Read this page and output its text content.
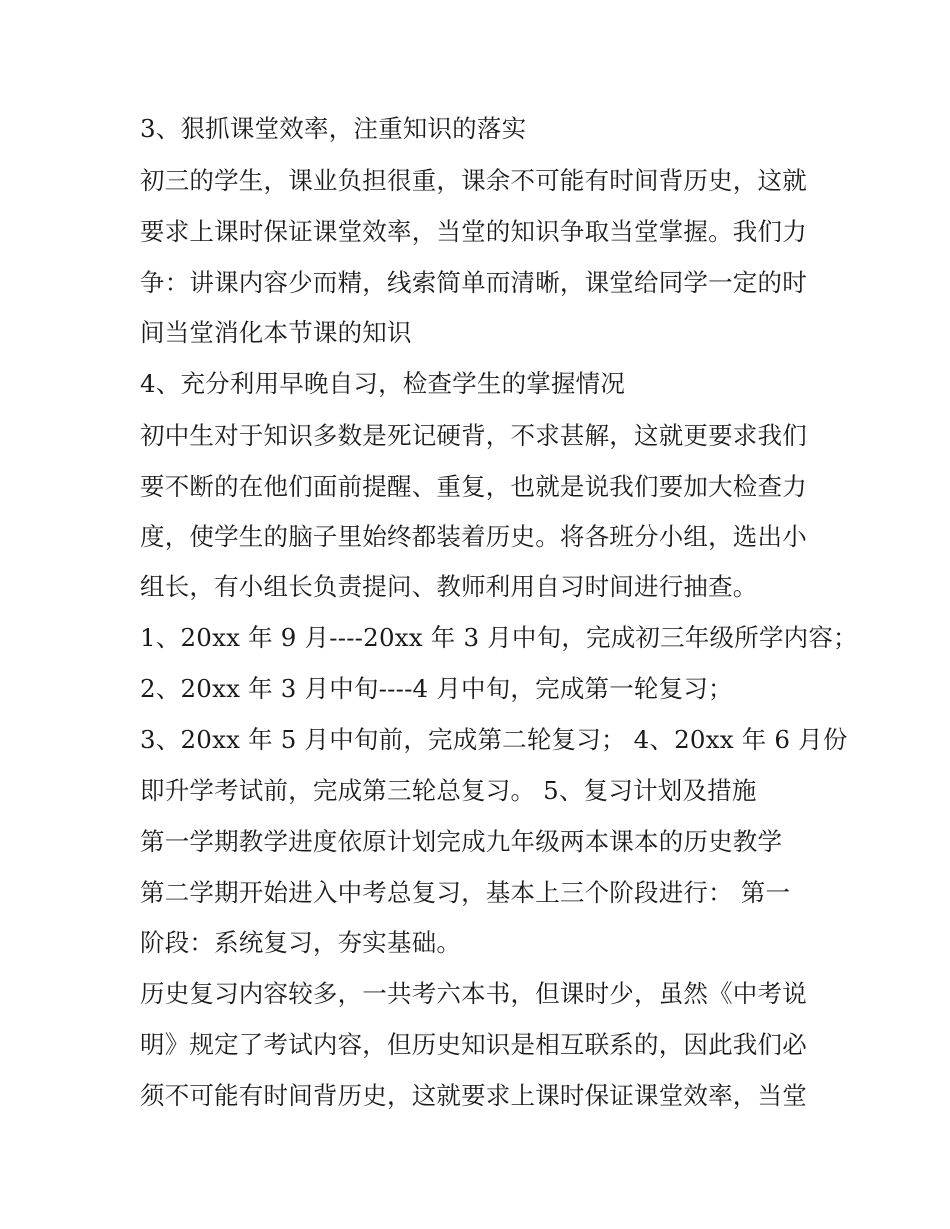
3、狠抓课堂效率，注重知识的落实
初三的学生，课业负担很重，课余不可能有时间背历史，这就
要求上课时保证课堂效率，当堂的知识争取当堂掌握。我们力
争：讲课内容少而精，线索简单而清晰，课堂给同学一定的时
间当堂消化本节课的知识
4、充分利用早晚自习，检查学生的掌握情况
初中生对于知识多数是死记硬背，不求甚解，这就更要求我们
要不断的在他们面前提醒、重复，也就是说我们要加大检查力
度，使学生的脑子里始终都装着历史。将各班分小组，选出小
组长，有小组长负责提问、教师利用自习时间进行抽查。
1、20xx 年 9 月----20xx 年 3 月中旬，完成初三年级所学内容；
2、20xx 年 3 月中旬----4 月中旬，完成第一轮复习；
3、20xx 年 5 月中旬前，完成第二轮复习； 4、20xx 年 6 月份
即升学考试前，完成第三轮总复习。 5、复习计划及措施
第一学期教学进度依原计划完成九年级两本课本的历史教学
第二学期开始进入中考总复习，基本上三个阶段进行： 第一
阶段：系统复习，夯实基础。
历史复习内容较多，一共考六本书，但课时少，虽然《中考说
明》规定了考试内容，但历史知识是相互联系的，因此我们必
须不可能有时间背历史，这就要求上课时保证课堂效率，当堂
